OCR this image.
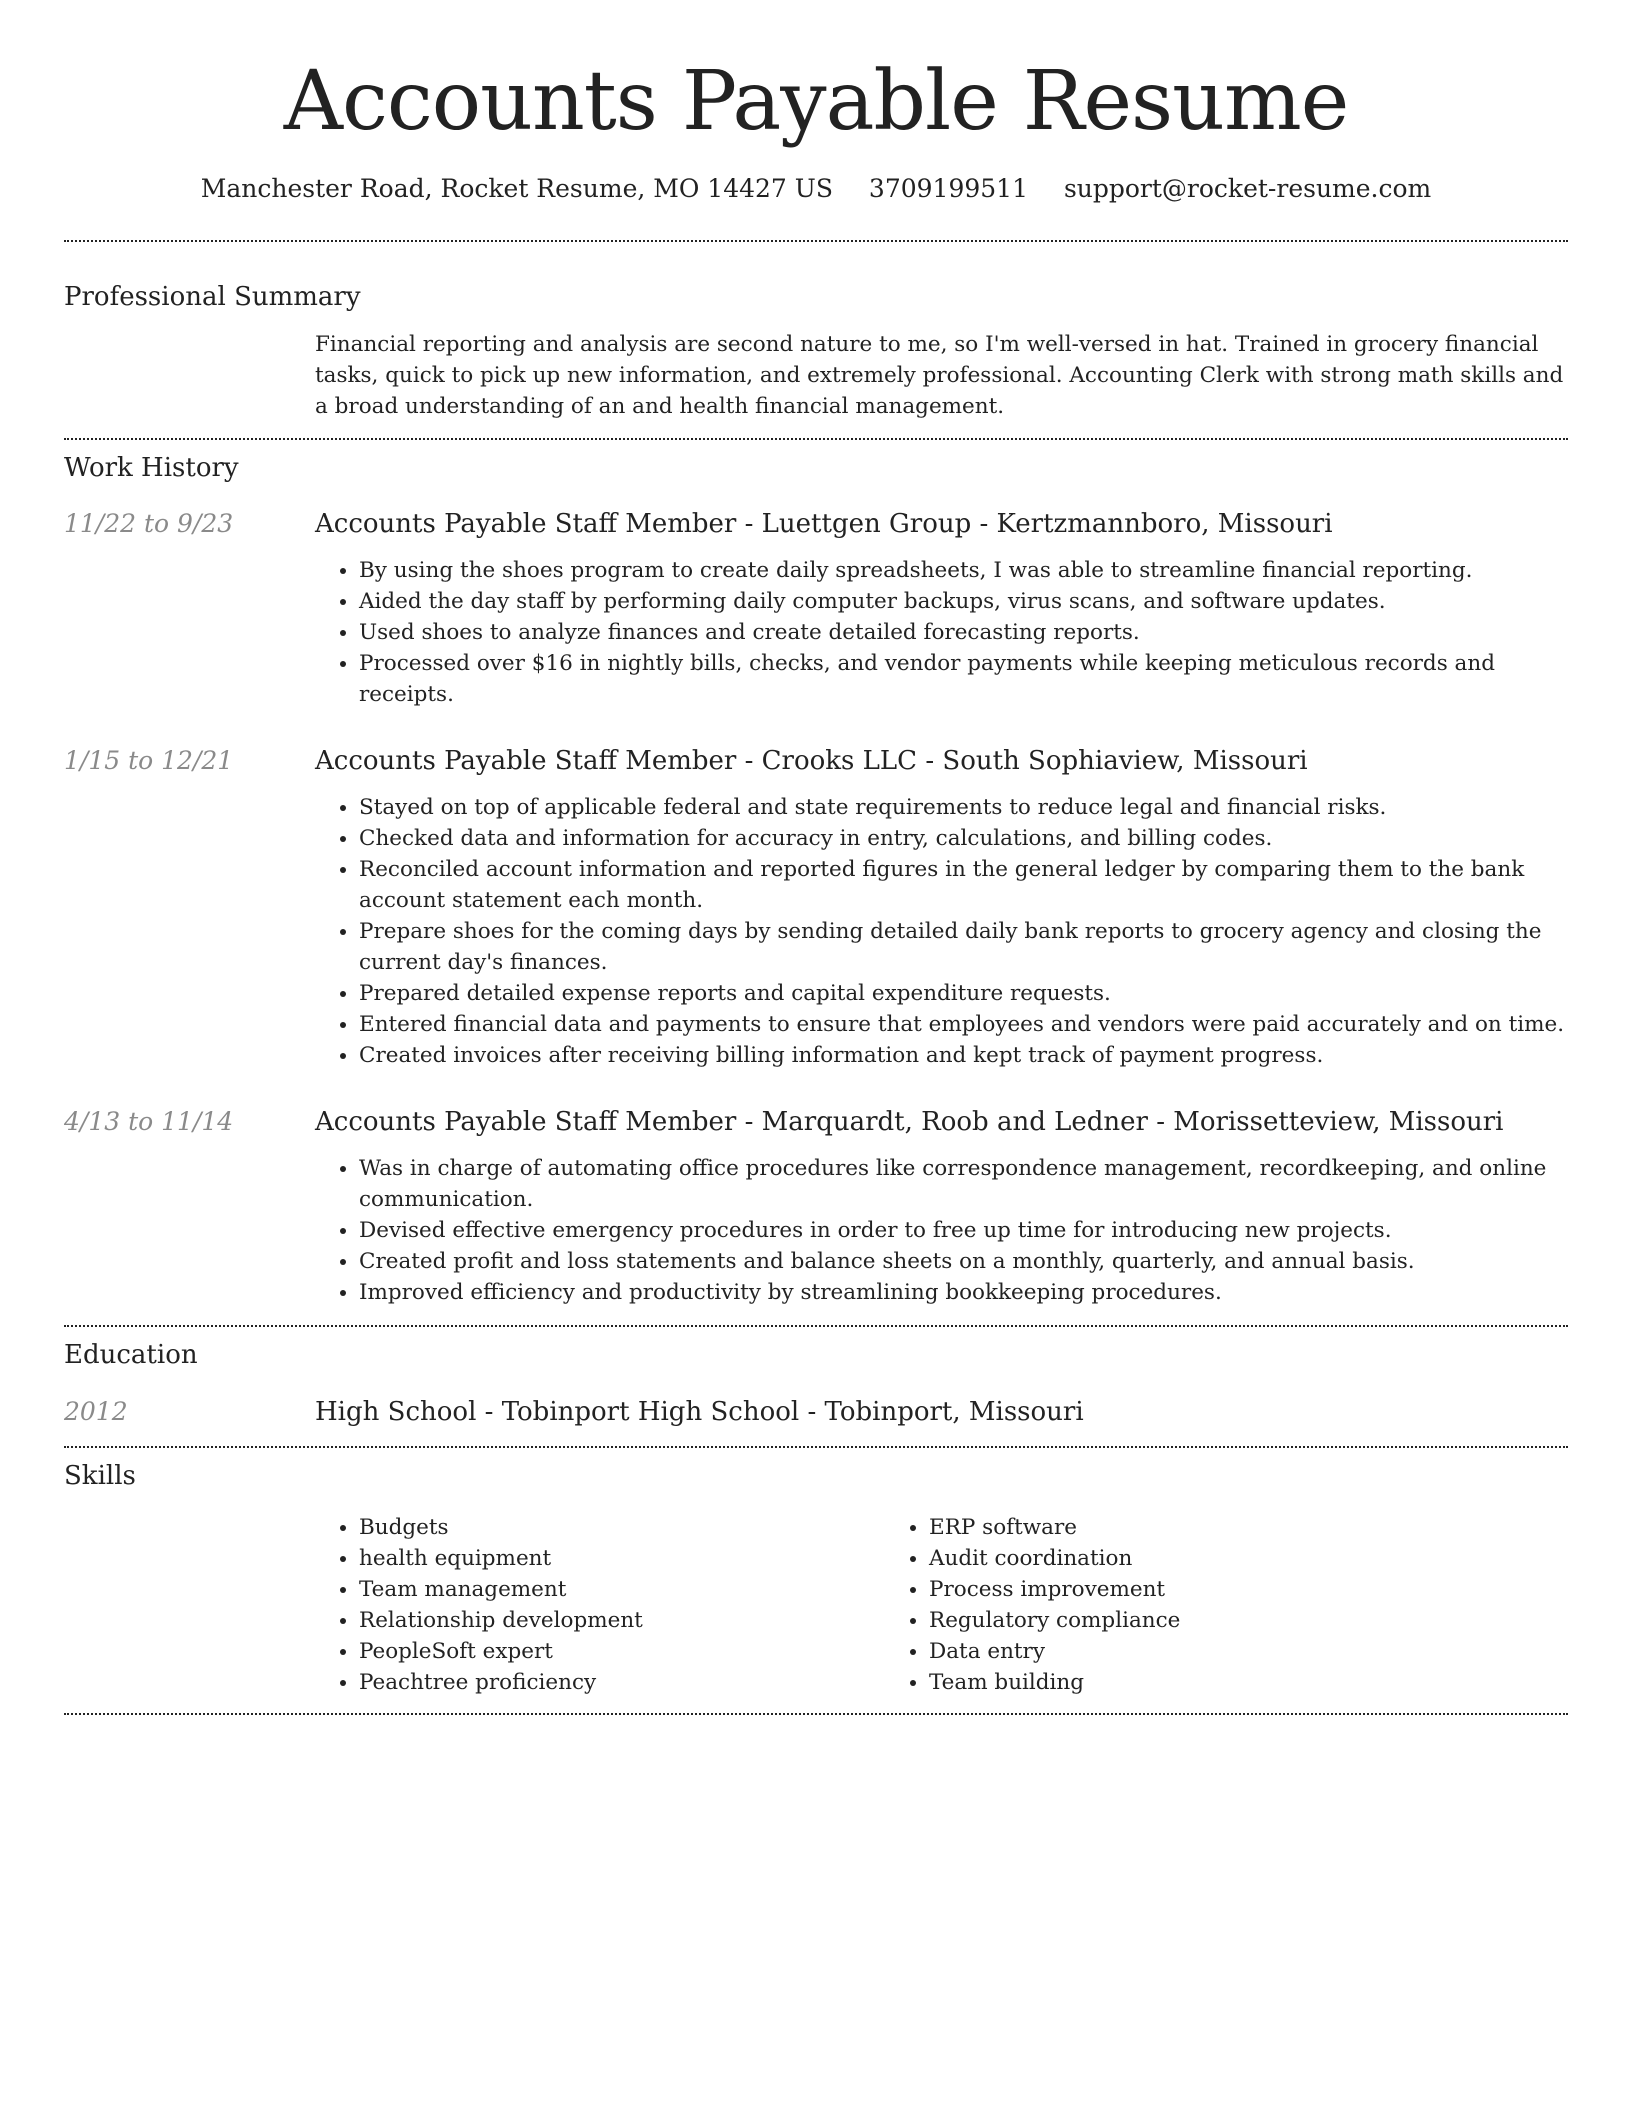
Accounts Payable Resume
Manchester Road, Rocket Resume, MO 14427 US 3709199511 support@rocket-resume.com
Professional Summary
Financial reporting and analysis are second nature to me, so I'm well-versed in hat. Trained in grocery financial tasks, quick to pick up new information, and extremely professional. Accounting Clerk with strong math skills and a broad understanding of an and health financial management.
Work History
11/22 to 9/23	Accounts Payable Staff Member - Luettgen Group - Kertzmannboro, Missouri
• By using the shoes program to create daily spreadsheets, I was able to streamline financial reporting.
• Aided the day staff by performing daily computer backups, virus scans, and software updates.
• Used shoes to analyze finances and create detailed forecasting reports.
• Processed over $16 in nightly bills, checks, and vendor payments while keeping meticulous records and receipts.
1/15 to 12/21	Accounts Payable Staff Member - Crooks LLC - South Sophiaview, Missouri
• Stayed on top of applicable federal and state requirements to reduce legal and financial risks.
• Checked data and information for accuracy in entry, calculations, and billing codes.
• Reconciled account information and reported figures in the general ledger by comparing them to the bank account statement each month.
• Prepare shoes for the coming days by sending detailed daily bank reports to grocery agency and closing the current day's finances.
• Prepared detailed expense reports and capital expenditure requests.
• Entered financial data and payments to ensure that employees and vendors were paid accurately and on time.
• Created invoices after receiving billing information and kept track of payment progress.
4/13 to 11/14	Accounts Payable Staff Member - Marquardt, Roob and Ledner - Morissetteview, Missouri
• Was in charge of automating office procedures like correspondence management, recordkeeping, and online communication.
• Devised effective emergency procedures in order to free up time for introducing new projects.
• Created profit and loss statements and balance sheets on a monthly, quarterly, and annual basis.
• Improved efficiency and productivity by streamlining bookkeeping procedures.
Education
2012	High School - Tobinport High School - Tobinport, Missouri
Skills
• Budgets
• health equipment
• Team management
• Relationship development
• PeopleSoft expert
• Peachtree proficiency
• ERP software
• Audit coordination
• Process improvement
• Regulatory compliance
• Data entry
• Team building
